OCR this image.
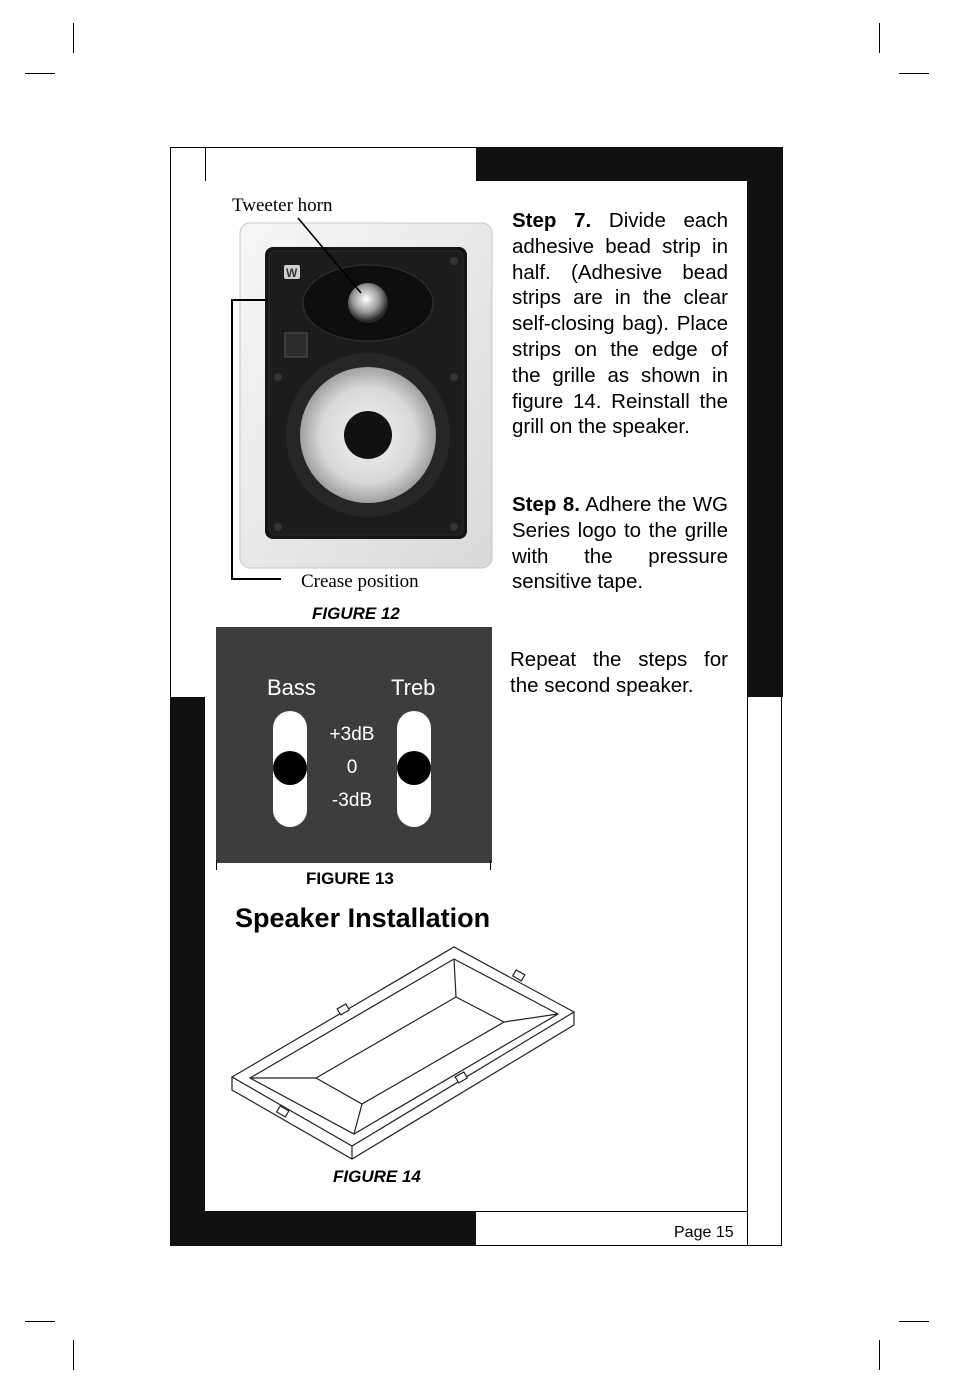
Tweeter horn
W
Crease position
FIGURE 12
Bass	Treb
+3dB
0
-3dB
FIGURE 13
Speaker Installation
FIGURE 14
Step 7. Divide each adhesive bead strip in half. (Adhesive bead strips are in the clear self-closing bag). Place strips on the edge of the grille as shown in figure 14. Reinstall the grill on the speaker.
Step 8. Adhere the WG Series logo to the grille with the pressure sensitive tape.
Repeat the steps for the second speaker.
Page 15
